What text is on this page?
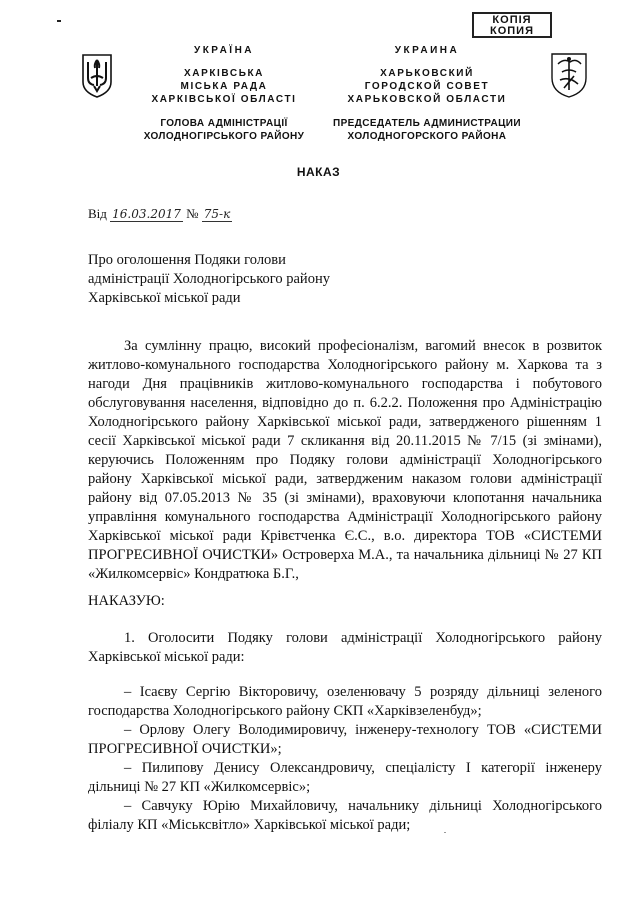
КОПІЯ
КОПИЯ
УКРАЇНА
ХАРКІВСЬКА
МІСЬКА РАДА
ХАРКІВСЬКОЇ ОБЛАСТІ
ГОЛОВА АДМІНІСТРАЦІЇ
ХОЛОДНОГІРСЬКОГО РАЙОНУ
УКРАИНА
ХАРЬКОВСКИЙ
ГОРОДСКОЙ СОВЕТ
ХАРЬКОВСКОЙ ОБЛАСТИ
ПРЕДСЕДАТЕЛЬ АДМИНИСТРАЦИИ
ХОЛОДНОГОРСКОГО РАЙОНА
НАКАЗ
Від 16.03.2017 № 75-к
Про оголошення Подяки голови
адміністрації Холодногірського району
Харківської міської ради
За сумлінну працю, високий професіоналізм, вагомий внесок в розвиток житлово-комунального господарства Холодногірського району м. Харкова та з нагоди Дня працівників житлово-комунального господарства і побутового обслуговування населення, відповідно до п. 6.2.2. Положення про Адміністрацію Холодногірського району Харківської міської ради, затвердженого рішенням 1 сесії Харківської міської ради 7 скликання від 20.11.2015 № 7/15 (зі змінами), керуючись Положенням про Подяку голови адміністрації Холодногірського району Харківської міської ради, затвердженим наказом голови адміністрації району від 07.05.2013 № 35 (зі змінами), враховуючи клопотання начальника управління комунального господарства Адміністрації Холодногірського району Харківської міської ради Крівєтченка Є.С., в.о. директора ТОВ «СИСТЕМИ ПРОГРЕСИВНОЇ ОЧИСТКИ» Островерха М.А., та начальника дільниці № 27 КП «Жилкомсервіс» Кондратюка Б.Г.,
НАКАЗУЮ:
1. Оголосити Подяку голови адміністрації Холодногірського району Харківської міської ради:
– Ісаєву Сергію Вікторовичу, озеленювачу 5 розряду дільниці зеленого господарства Холодногірського району СКП «Харківзеленбуд»;
– Орлову Олегу Володимировичу, інженеру-технологу ТОВ «СИСТЕМИ ПРОГРЕСИВНОЇ ОЧИСТКИ»;
– Пилипову Денису Олександровичу, спеціалісту І категорії інженеру дільниці № 27 КП «Жилкомсервіс»;
– Савчуку Юрію Михайловичу, начальнику дільниці Холодногірського філіалу КП «Міськсвітло» Харківської міської ради;
